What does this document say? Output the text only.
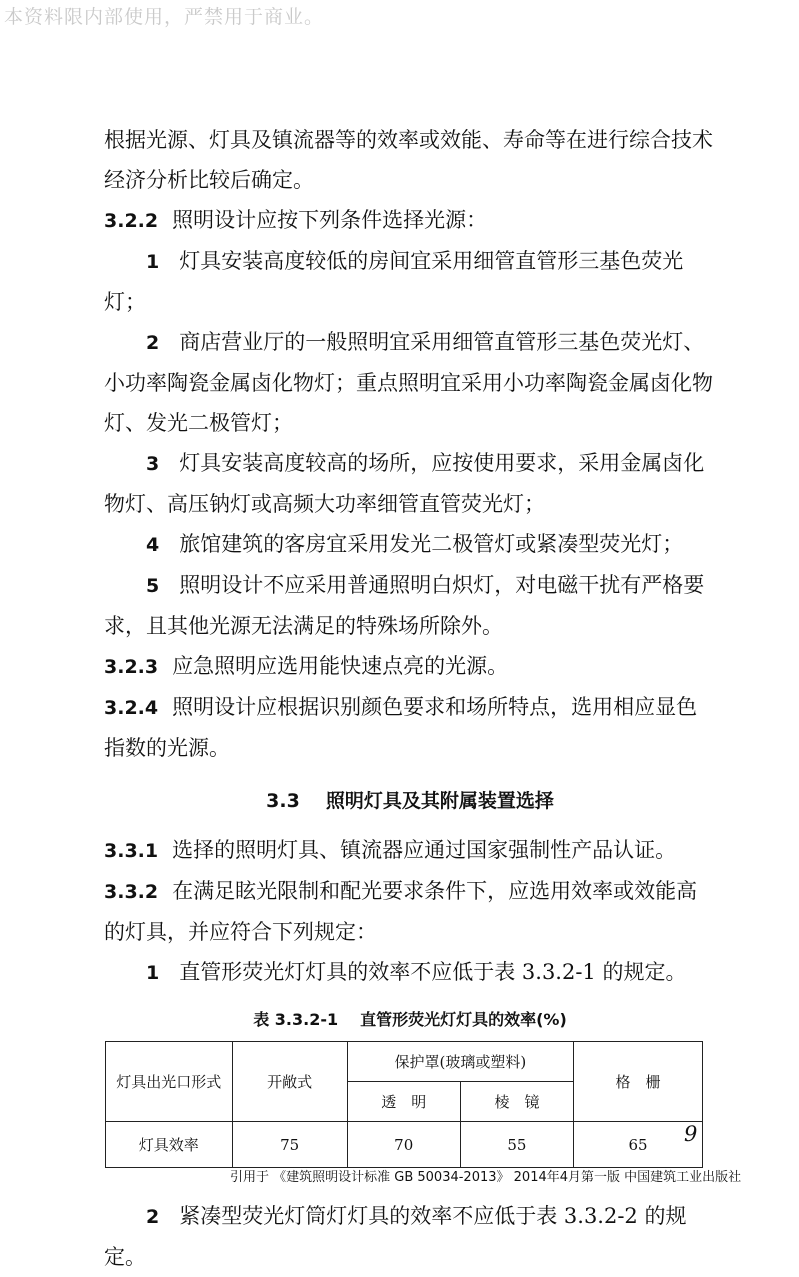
本资料限内部使用，严禁用于商业。

根据光源、灯具及镇流器等的效率或效能、寿命等在进行综合技术经济分析比较后确定。

3.2.2 照明设计应按下列条件选择光源：

1 灯具安装高度较低的房间宜采用细管直管形三基色荧光灯；

2 商店营业厅的一般照明宜采用细管直管形三基色荧光灯、小功率陶瓷金属卤化物灯；重点照明宜采用小功率陶瓷金属卤化物灯、发光二极管灯；

3 灯具安装高度较高的场所，应按使用要求，采用金属卤化物灯、高压钠灯或高频大功率细管直管荧光灯；

4 旅馆建筑的客房宜采用发光二极管灯或紧凑型荧光灯；

5 照明设计不应采用普通照明白炽灯，对电磁干扰有严格要求，且其他光源无法满足的特殊场所除外。

3.2.3 应急照明应选用能快速点亮的光源。

3.2.4 照明设计应根据识别颜色要求和场所特点，选用相应显色指数的光源。

3.3 照明灯具及其附属装置选择

3.3.1 选择的照明灯具、镇流器应通过国家强制性产品认证。

3.3.2 在满足眩光限制和配光要求条件下，应选用效率或效能高的灯具，并应符合下列规定：

1 直管形荧光灯灯具的效率不应低于表 3.3.2-1 的规定。

表 3.3.2-1 直管形荧光灯灯具的效率(%)
灯具出光口形式	开敞式	保护罩(玻璃或塑料)		格　栅
		透　明	棱　镜	
灯具效率	75	70	55	65

2 紧凑型荧光灯筒灯灯具的效率不应低于表 3.3.2-2 的规定。

9
引用于 《建筑照明设计标准 GB 50034-2013》 2014年4月第一版 中国建筑工业出版社
